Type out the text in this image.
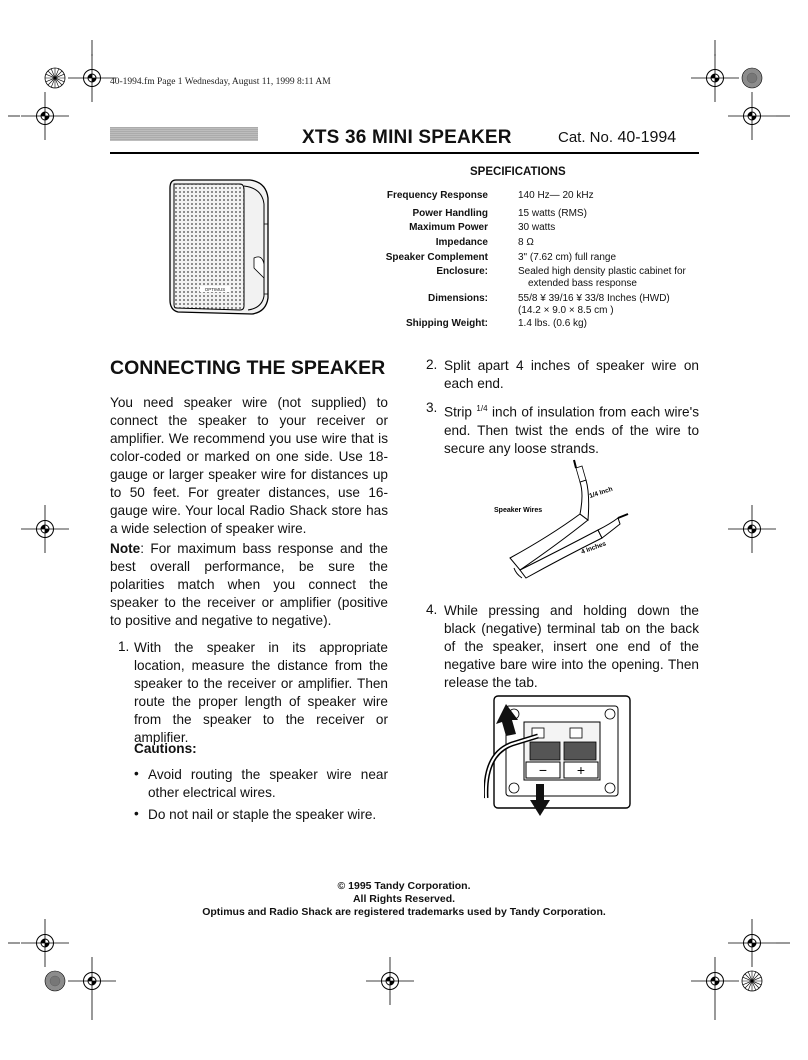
40-1994.fm Page 1 Wednesday, August 11, 1999 8:11 AM
XTS 36 MINI SPEAKER	Cat. No. 40-1994
OPTIMUS
SPECIFICATIONS
Frequency Response	140 Hz— 20 kHz
Power Handling	15 watts (RMS)
Maximum Power	30 watts
Impedance	8 Ω
Speaker Complement	3" (7.62 cm) full range
Enclosure:	Sealed high density plastic cabinet for
extended bass response
Dimensions:	55/8 ¥ 39/16 ¥ 33/8 Inches (HWD)
(14.2 × 9.0 × 8.5 cm )
Shipping Weight:	1.4 lbs. (0.6 kg)
CONNECTING THE SPEAKER
You need speaker wire (not supplied) to connect the speaker to your receiver or amplifier. We recommend you use wire that is color-coded or marked on one side. Use 18-gauge or larger speaker wire for distances up to 50 feet. For greater distances, use 16-gauge wire. Your local Radio Shack store has a wide selection of speaker wire.
Note: For maximum bass response and the best overall performance, be sure the polarities match when you connect the speaker to the receiver or amplifier (positive to positive and negative to negative).
1. With the speaker in its appropriate location, measure the distance from the speaker to the receiver or amplifier. Then route the proper length of speaker wire from the speaker to the receiver or amplifier.
Cautions:
• Avoid routing the speaker wire near other electrical wires.
• Do not nail or staple the speaker wire.
2. Split apart 4 inches of speaker wire on each end.
3. Strip $^{1/4}$ inch of insulation from each wire's end. Then twist the ends of the wire to secure any loose strands.
Speaker Wires
1/4 Inch
4 Inches
4. While pressing and holding down the black (negative) terminal tab on the back of the speaker, insert one end of the negative bare wire into the opening. Then release the tab.
− +
© 1995 Tandy Corporation.
All Rights Reserved.
Optimus and Radio Shack are registered trademarks used by Tandy Corporation.
